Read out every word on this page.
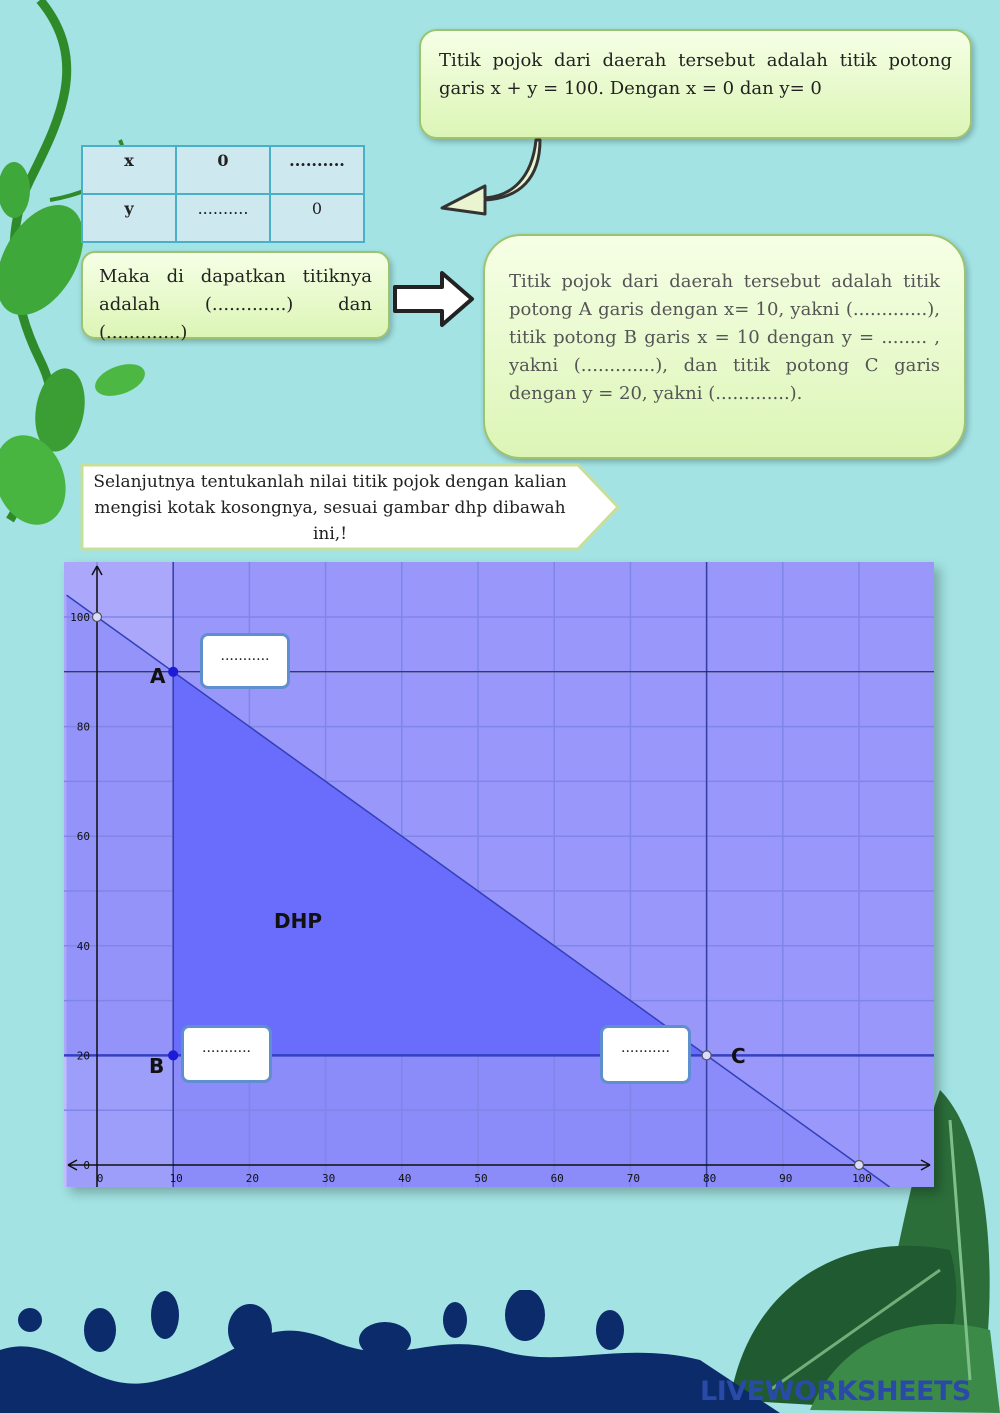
Titik pojok dari daerah tersebut adalah titik potong garis x + y = 100. Dengan x = 0 dan y= 0
x	0	..........
y	..........	0
Maka di dapatkan titiknya adalah (.............) dan (.............)
Titik pojok dari daerah tersebut adalah titik potong A garis dengan x= 10, yakni (.............), titik potong B garis x = 10 dengan y = ........ , yakni (.............), dan titik potong C garis dengan y = 20, yakni (.............).
Selanjutnya tentukanlah nilai titik pojok dengan kalian mengisi kotak kosongnya, sesuai gambar dhp dibawah ini,!
0	10	20	30	40	50	60	70	80	90	100
0
20
40
60
80
100
DHP
A
B	C
...........
...........	...........
LIVEWORKSHEETS
